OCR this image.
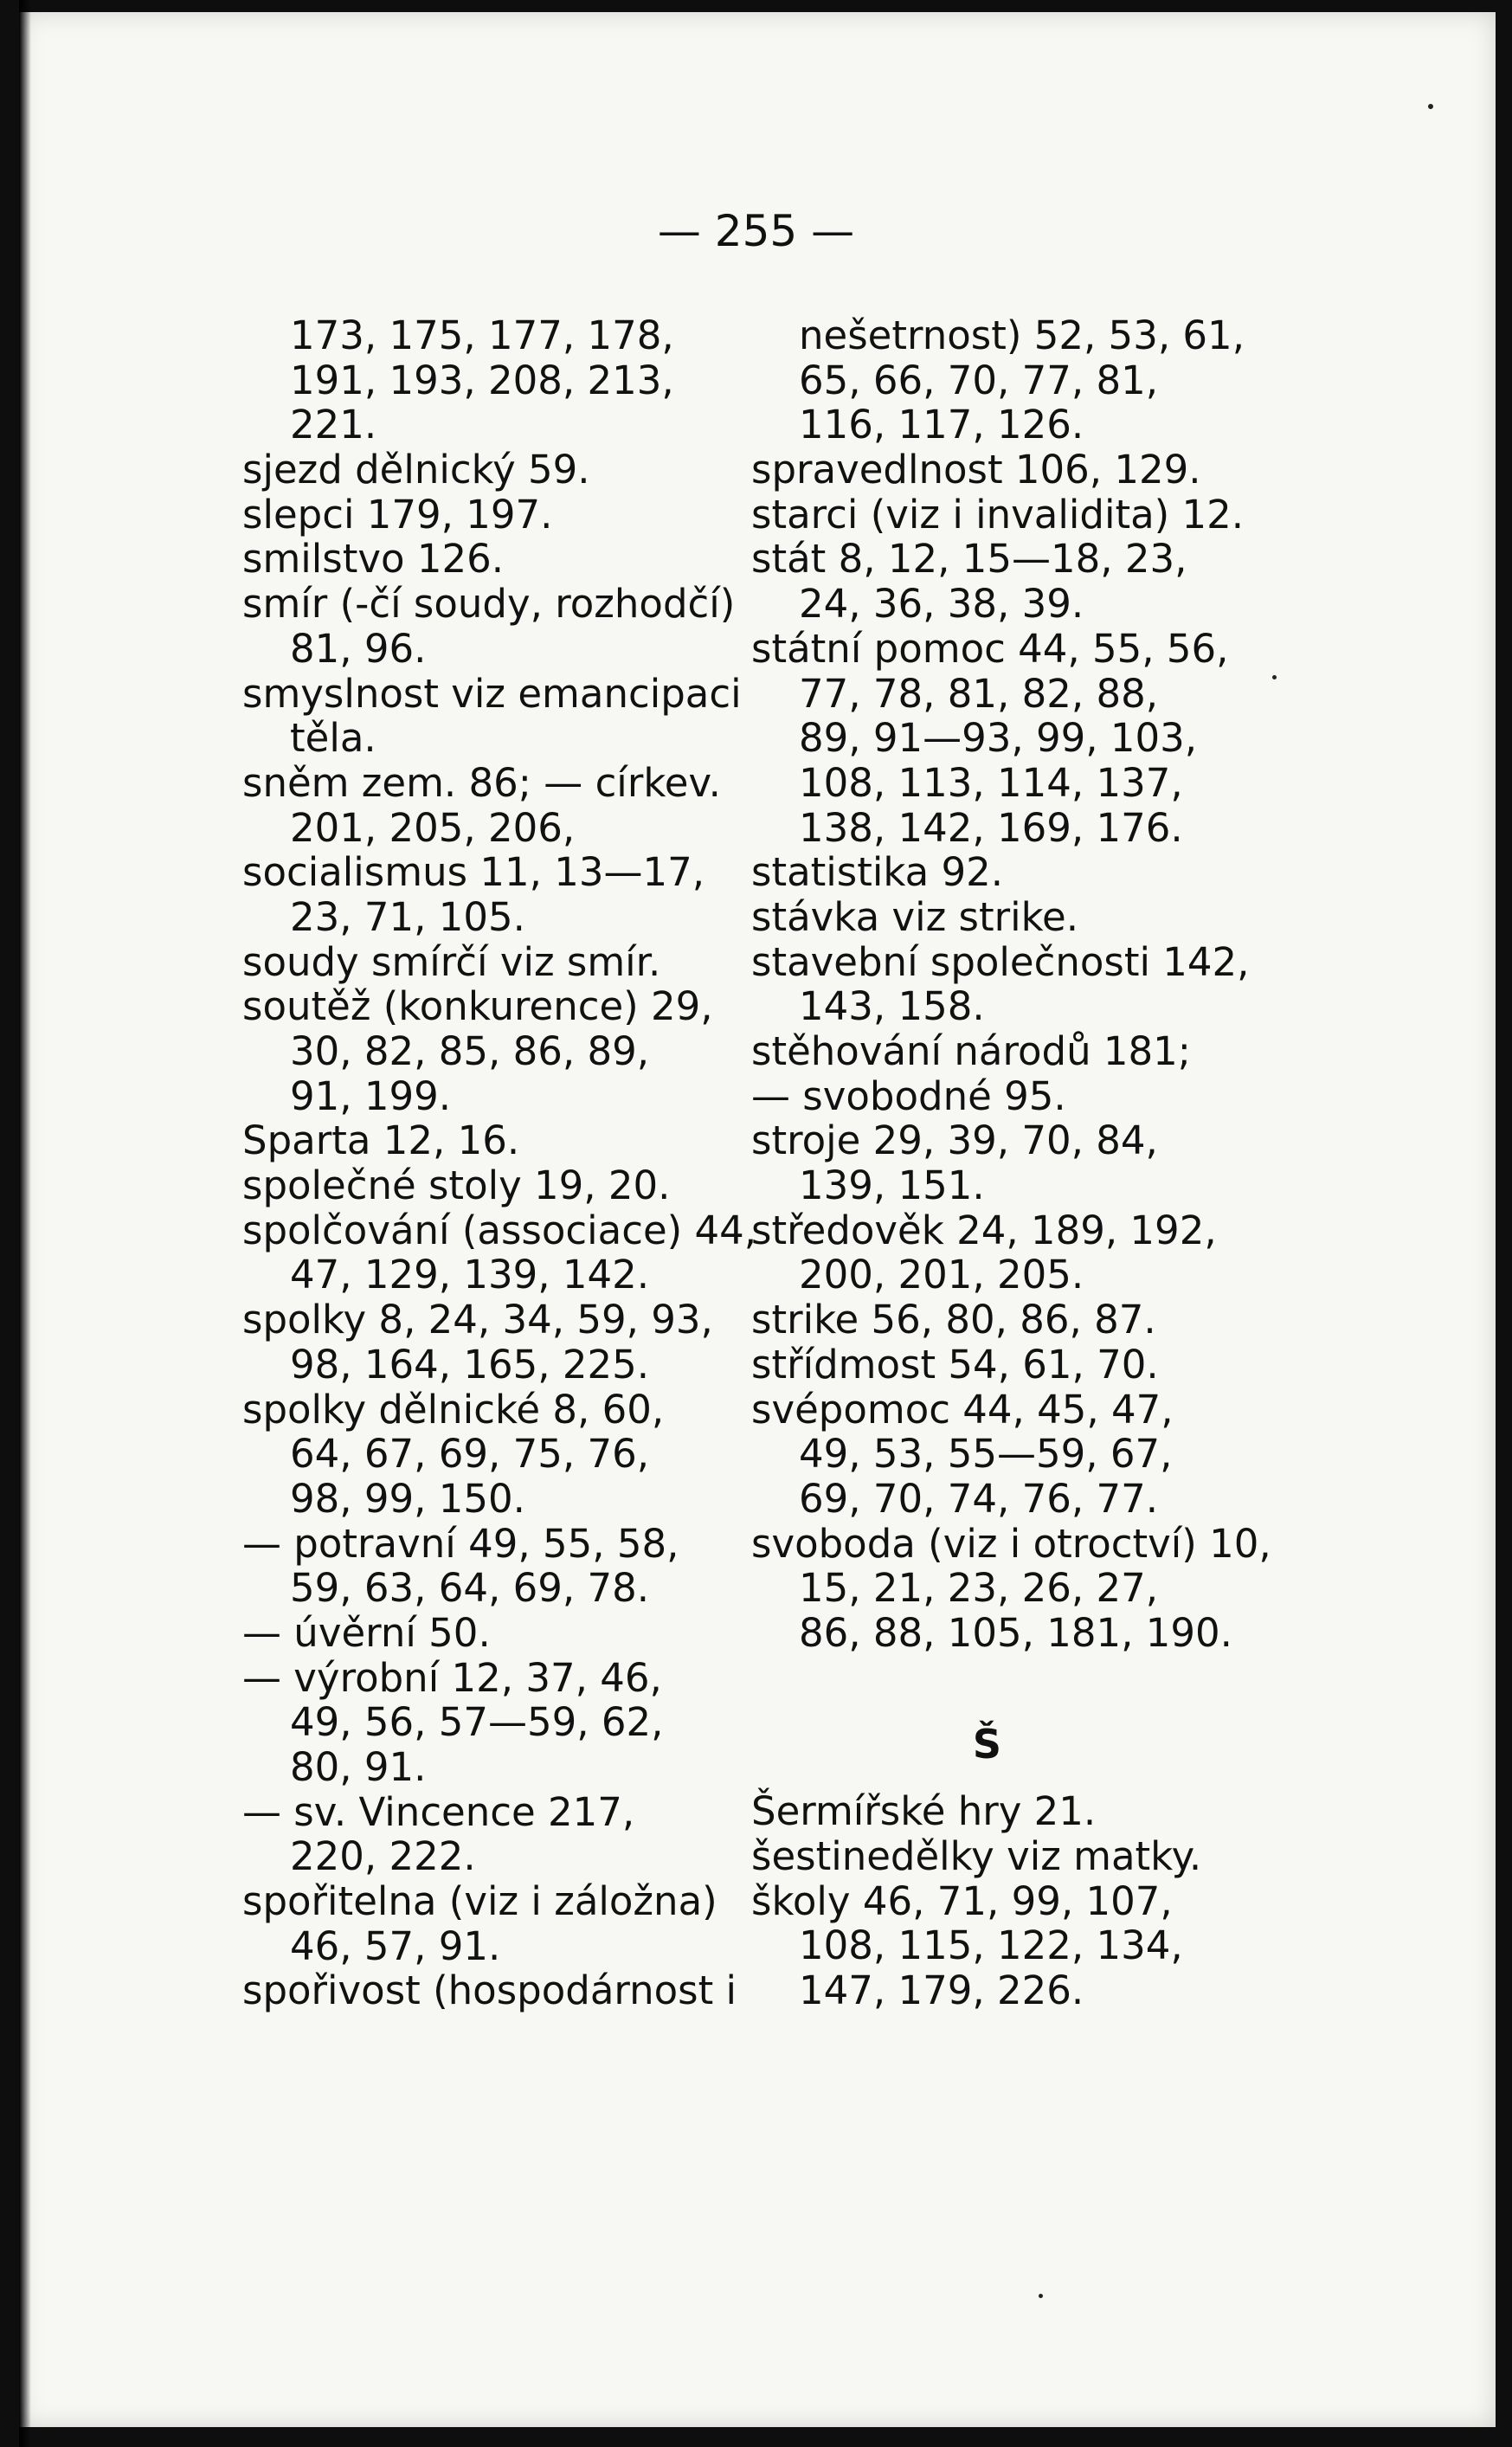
— 255 —
173, 175, 177, 178,
191, 193, 208, 213,
221.
sjezd dělnický 59.
slepci 179, 197.
smilstvo 126.
smír (-čí soudy, rozhodčí)
81, 96.
smyslnost viz emancipaci
těla.
sněm zem. 86; — církev.
201, 205, 206,
socialismus 11, 13—17,
23, 71, 105.
soudy smírčí viz smír.
soutěž (konkurence) 29,
30, 82, 85, 86, 89,
91, 199.
Sparta 12, 16.
společné stoly 19, 20.
spolčování (associace) 44,
47, 129, 139, 142.
spolky 8, 24, 34, 59, 93,
98, 164, 165, 225.
spolky dělnické 8, 60,
64, 67, 69, 75, 76,
98, 99, 150.
— potravní 49, 55, 58,
59, 63, 64, 69, 78.
— úvěrní 50.
— výrobní 12, 37, 46,
49, 56, 57—59, 62,
80, 91.
— sv. Vincence 217,
220, 222.
spořitelna (viz i záložna)
46, 57, 91.
spořivost (hospodárnost i
nešetrnost) 52, 53, 61,
65, 66, 70, 77, 81,
116, 117, 126.
spravedlnost 106, 129.
starci (viz i invalidita) 12.
stát 8, 12, 15—18, 23,
24, 36, 38, 39.
státní pomoc 44, 55, 56,
77, 78, 81, 82, 88,
89, 91—93, 99, 103,
108, 113, 114, 137,
138, 142, 169, 176.
statistika 92.
stávka viz strike.
stavební společnosti 142,
143, 158.
stěhování národů 181;
— svobodné 95.
stroje 29, 39, 70, 84,
139, 151.
středověk 24, 189, 192,
200, 201, 205.
strike 56, 80, 86, 87.
střídmost 54, 61, 70.
svépomoc 44, 45, 47,
49, 53, 55—59, 67,
69, 70, 74, 76, 77.
svoboda (viz i otroctví) 10,
15, 21, 23, 26, 27,
86, 88, 105, 181, 190.
Š
Šermířské hry 21.
šestinedělky viz matky.
školy 46, 71, 99, 107,
108, 115, 122, 134,
147, 179, 226.
